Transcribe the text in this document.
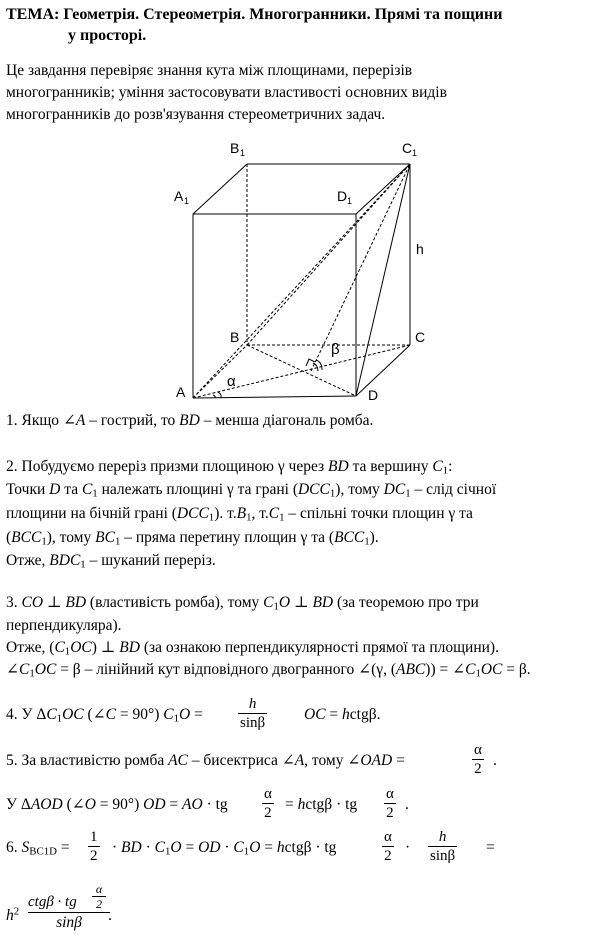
ТЕМА: Геометрія. Стереометрія. Многогранники. Прямі та пощини
у просторі.
Це завдання перевіряє знання кута між площинами, перерізів
многогранників; уміння застосовувати властивості основних видів
многогранників до розв'язування стереометричних задач.
B 1	C 1
A 1	D 1
h
B	C
β
α
A	D
1. Якщо ∠A – гострий, то BD – менша діагональ ромба.
2. Побудуємо переріз призми площиною γ через BD та вершину $C_1$:
Точки D та $C_1$ належать площині γ та грані $(DCC_1)$, тому $DC_1$ – слід січної
площини на бічній грані $(DCC_1)$. $т.B_1$, $т.C_1$ – спільні точки площин γ та
$(BCC_1)$, тому $BC_1$ – пряма перетину площин γ та $(BCC_1)$.
Отже, $BDC_1$ – шуканий переріз.
3. CO ⊥ BD (властивість ромба), тому $C_1O$ ⊥ BD (за теоремою про три
перпендикуляра).
Отже, $(C_1OC)$ ⊥ BD (за ознакою перпендикулярності прямої та площини).
$\angle C_1OC = \beta$ – лінійний кут відповідного двогранного ∠(γ, $(ABC)) = \angle C_1OC = \beta$.
4. У $\Delta C_1OC$ (∠C = 90°) $C_1O = \frac{h}{\sin\beta}$ OC = hctgβ.
5. За властивістю ромба AC – бисектриса ∠A, тому ∠OAD =	$\frac{\alpha}{2}$ .
У ΔAOD (∠O = 90°) OD = AO · tg $\frac{\alpha}{2}$ = hctgβ · tg $\frac{\alpha}{2}$ .
6. $S_{BC1D} = \frac{1}{2}$ · BD · $C_1O$ = OD · $C_1O$ = hctgβ · tg	$\frac{\alpha}{2} \cdot \frac{h}{\sin\beta}$ =
$h^2$
ctgβ · tg
α
2
sinβ	.
